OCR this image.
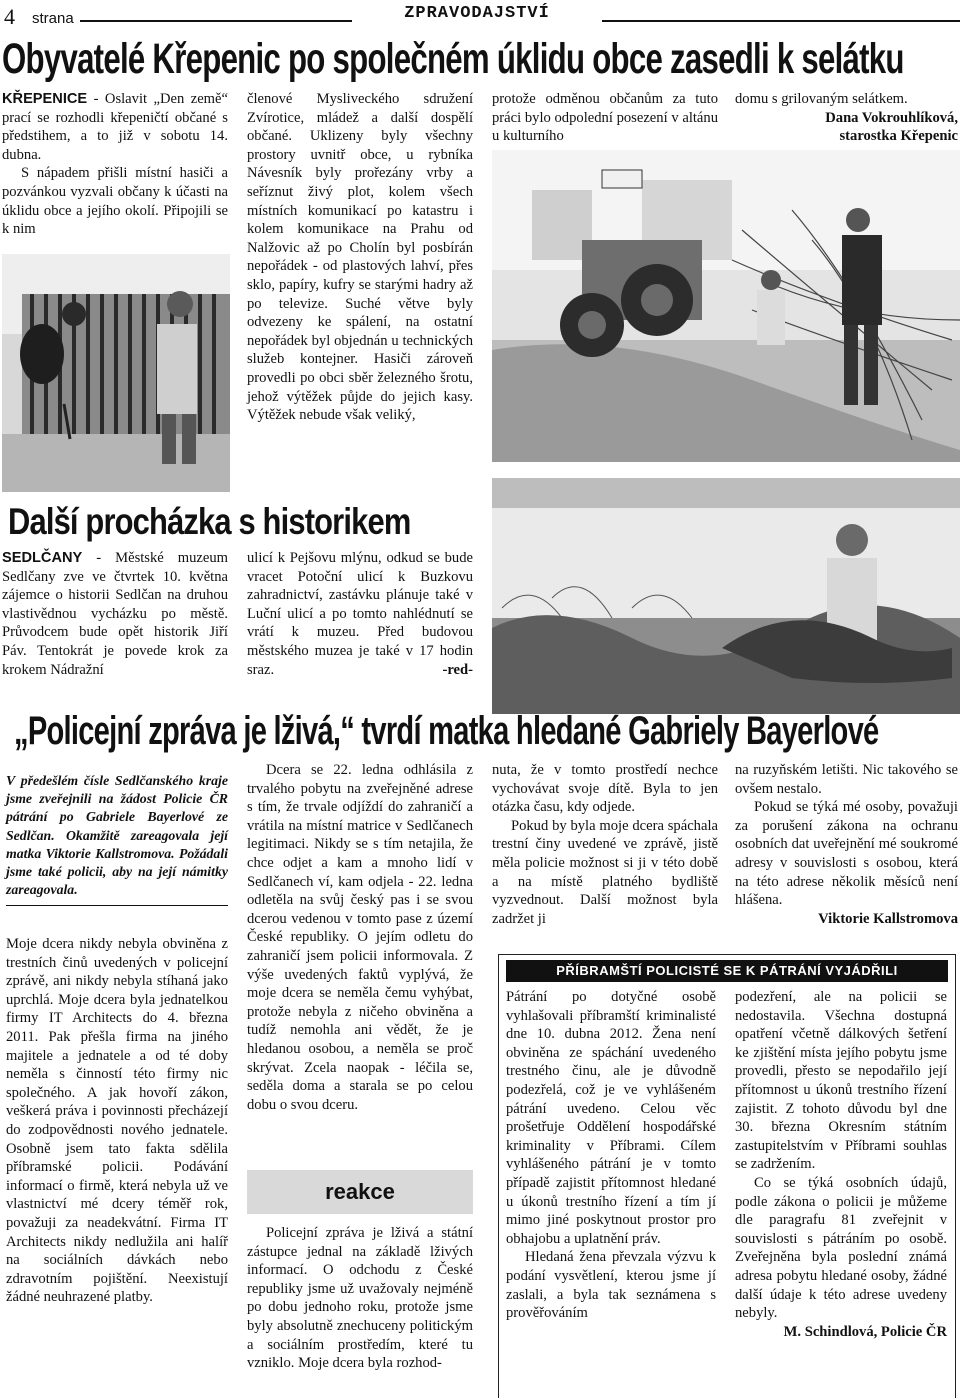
4 strana	ZPRAVODAJSTVÍ
Obyvatelé Křepenic po společném úklidu obce zasedli k selátku

KŘEPENICE - Oslavit „Den země“ prací se rozhodli křepeničtí občané s předstihem, a to již v sobotu 14. dubna.

S nápadem přišli místní hasiči a pozvánkou vyzvali občany k účasti na úklidu obce a jejího okolí. Připojili se k nim

členové Mysliveckého sdružení Zvírotice, mládež a další dospělí občané. Uklizeny byly všechny prostory uvnitř obce, u rybníka Návesník byly prořezány vrby a seříznut živý plot, kolem všech místních komunikací po katastru i kolem komunikace na Prahu od Nalžovic až po Cholín byl posbírán nepořádek - od plastových lahví, přes sklo, papíry, kufry se starými hadry až po televize. Suché větve byly odvezeny ke spálení, na ostatní nepořádek byl objednán u technických služeb kontejner. Hasiči zároveň provedli po obci sběr železného šrotu, jehož výtěžek půjde do jejich kasy. Výtěžek nebude však veliký,
protože odměnou občanům za tuto práci bylo odpolední posezení v altánu u kulturního

domu s grilovaným selátkem.

Dana Vokrouhlíková,

starostka Křepenic

Další procházka s historikem

SEDLČANY - Městské muzeum Sedlčany zve ve čtvrtek 10. května zájemce o historii Sedlčan na druhou vlastivědnou vycházku po městě. Průvodcem bude opět historik Jiří Páv. Tentokrát je povede krok za krokem Nádražní

ulicí k Pejšovu mlýnu, odkud se bude vracet Potoční ulicí k Buzkovu zahradnictví, zastávku plánuje také v Luční ulicí a po tomto nahlédnutí se vrátí k muzeu. Před budovou městského muzea je také v 17 hodin sraz.	-red-

„Policejní zpráva je lživá,“ tvrdí matka hledané Gabriely Bayerlové
V předešlém čísle Sedlčanského kraje jsme zveřejnili na žádost Policie ČR pátrání po Gabriele Bayerlové ze Sedlčan. Okamžitě zareagovala její matka Viktorie Kallstromova. Požádali jsme také policii, aby na její námitky zareagovala.
Moje dcera nikdy nebyla obviněna z trestních činů uvedených v policejní zprávě, ani nikdy nebyla stíhaná jako uprchlá. Moje dcera byla jednatelkou firmy IT Architects do 4. března 2011. Pak přešla firma na jiného majitele a jednatele a od té doby neměla s činností této firmy nic společného. A jak hovoří zákon, veškerá práva i povinnosti přecházejí do zodpovědnosti nového jednatele. Osobně jsem tato fakta sdělila příbramské policii. Podávání informací o firmě, která nebyla už ve vlastnictví mé dcery téměř rok, považuji za neadekvátní. Firma IT Architects nikdy nedlužila ani halíř na sociálních dávkách nebo zdravotním pojištění. Neexistují žádné neuhrazené platby.

Dcera se 22. ledna odhlásila z trvalého pobytu na zveřejněné adrese s tím, že trvale odjíždí do zahraničí a vrátila na místní matrice v Sedlčanech legitimaci. Nikdy se s tím netajila, že chce odjet a kam a mnoho lidí v Sedlčanech ví, kam odjela - 22. ledna odletěla na svůj český pas i se svou dcerou vedenou v tomto pase z území České republiky. O jejím odletu do zahraničí jsem policii informovala. Z výše uvedených faktů vyplývá, že moje dcera se neměla čemu vyhýbat, protože nebyla z ničeho obviněna a tudíž nemohla ani vědět, že je hledanou osobou, a neměla se proč skrývat. Zcela naopak - léčila se, seděla doma a starala se po celou dobu o svou dceru.

reakce

Policejní zpráva je lživá a státní zástupce jednal na základě lživých informací. O odchodu z České republiky jsme už uvažovaly nejméně po dobu jednoho roku, protože jsme byly absolutně znechuceny politickým a sociálním prostředím, které tu vzniklo. Moje dcera byla rozhod-

nuta, že v tomto prostředí nechce vychovávat svoje dítě. Byla to jen otázka času, kdy odjede.

Pokud by byla moje dcera spáchala trestní činy uvedené ve zprávě, jistě měla policie možnost si ji v této době a na místě platného bydliště vyzvednout. Další možnost byla zadržet ji

na ruzyňském letišti. Nic takového se ovšem nestalo.

Pokud se týká mé osoby, považuji za porušení zákona na ochranu osobních dat uveřejnění mé soukromé adresy v souvislosti s osobou, která na této adrese několik měsíců není hlášena.

Viktorie Kallstromova

PŘÍBRAMŠTÍ POLICISTÉ SE K PÁTRÁNÍ VYJÁDŘILI

Pátrání po dotyčné osobě vyhlašovali příbramští kriminalisté dne 10. dubna 2012. Žena není obviněna ze spáchání uvedeného trestného činu, ale je důvodně podezřelá, což je ve vyhlášeném pátrání uvedeno. Celou věc prošetřuje Oddělení hospodářské kriminality v Příbrami. Cílem vyhlášeného pátrání je v tomto případě zajistit přítomnost hledané u úkonů trestního řízení a tím jí mimo jiné poskytnout prostor pro obhajobu a uplatnění práv.

Hledaná žena převzala výzvu k podání vysvětlení, kterou jsme jí zaslali, a byla tak seznámena s prověřováním

podezření, ale na policii se nedostavila. Všechna dostupná opatření včetně dálkových šetření ke zjištění místa jejího pobytu jsme provedli, přesto se nepodařilo její přítomnost u úkonů trestního řízení zajistit. Z tohoto důvodu byl dne 30. března Okresním státním zastupitelstvím v Příbrami souhlas se zadržením.

Co se týká osobních údajů, podle zákona o policii je můžeme dle paragrafu 81 zveřejnit v souvislosti s pátráním po osobě. Zveřejněna byla poslední známá adresa pobytu hledané osoby, žádné další údaje k této adrese uvedeny nebyly.

M. Schindlová, Policie ČR
